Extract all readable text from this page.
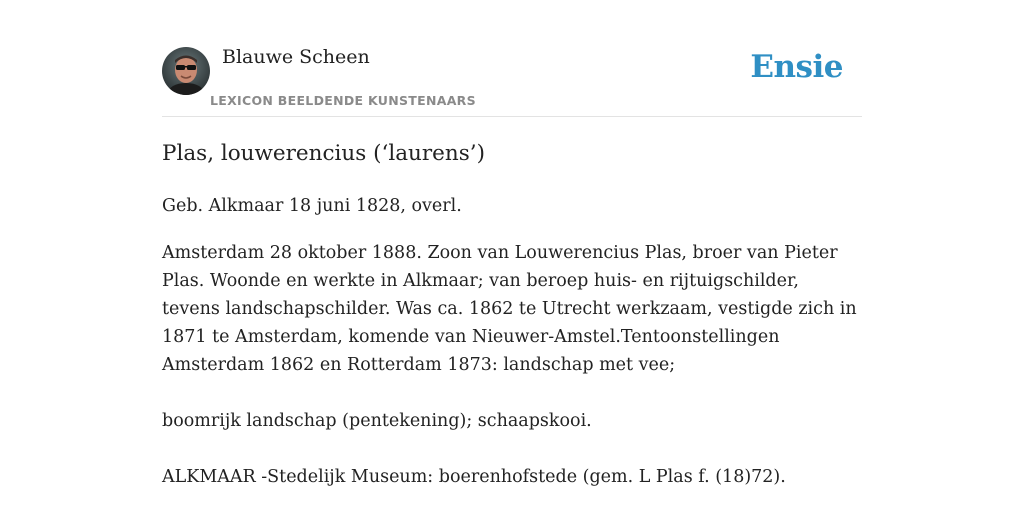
Blauwe Scheen
LEXICON BEELDENDE KUNSTENAARS
Ensie
Plas, louwerencius (‘laurens’)

Geb. Alkmaar 18 juni 1828, overl.

Amsterdam 28 oktober 1888. Zoon van Louwerencius Plas, broer van Pieter Plas. Woonde en werkte in Alkmaar; van beroep huis- en rijtuigschilder, tevens landschapschilder. Was ca. 1862 te Utrecht werkzaam, vestigde zich in 1871 te Amsterdam, komende van Nieuwer-Amstel.Tentoonstellingen Amsterdam 1862 en Rotterdam 1873: landschap met vee;

boomrijk landschap (pentekening); schaapskooi.

ALKMAAR -Stedelijk Museum: boerenhofstede (gem. L Plas f. (18)72).
